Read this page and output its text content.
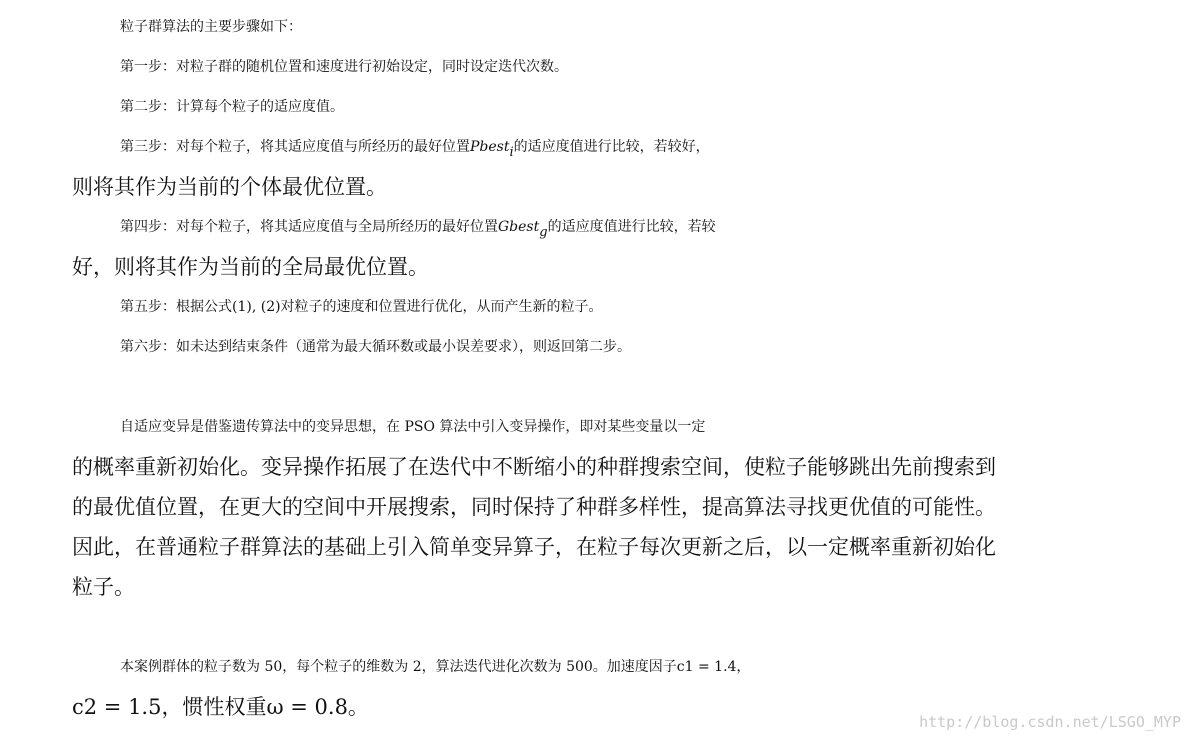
粒子群算法的主要步骤如下：
第一步：对粒子群的随机位置和速度进行初始设定，同时设定迭代次数。
第二步：计算每个粒子的适应度值。
第三步：对每个粒子，将其适应度值与所经历的最好位置Pbest$_i$的适应度值进行比较，若较好，
则将其作为当前的个体最优位置。
第四步：对每个粒子，将其适应度值与全局所经历的最好位置Gbest$_g$的适应度值进行比较，若较
好，则将其作为当前的全局最优位置。
第五步：根据公式(1), (2)对粒子的速度和位置进行优化，从而产生新的粒子。
第六步：如未达到结束条件（通常为最大循环数或最小误差要求），则返回第二步。
自适应变异是借鉴遗传算法中的变异思想，在 PSO 算法中引入变异操作，即对某些变量以一定
的概率重新初始化。变异操作拓展了在迭代中不断缩小的种群搜索空间，使粒子能够跳出先前搜索到
的最优值位置，在更大的空间中开展搜索，同时保持了种群多样性，提高算法寻找更优值的可能性。
因此，在普通粒子群算法的基础上引入简单变异算子，在粒子每次更新之后，以一定概率重新初始化
粒子。
本案例群体的粒子数为 50，每个粒子的维数为 2，算法迭代进化次数为 500。加速度因子c1 = 1.4，
c2 = 1.5，惯性权重ω = 0.8。
http://blog.csdn.net/LSGO_MYP
